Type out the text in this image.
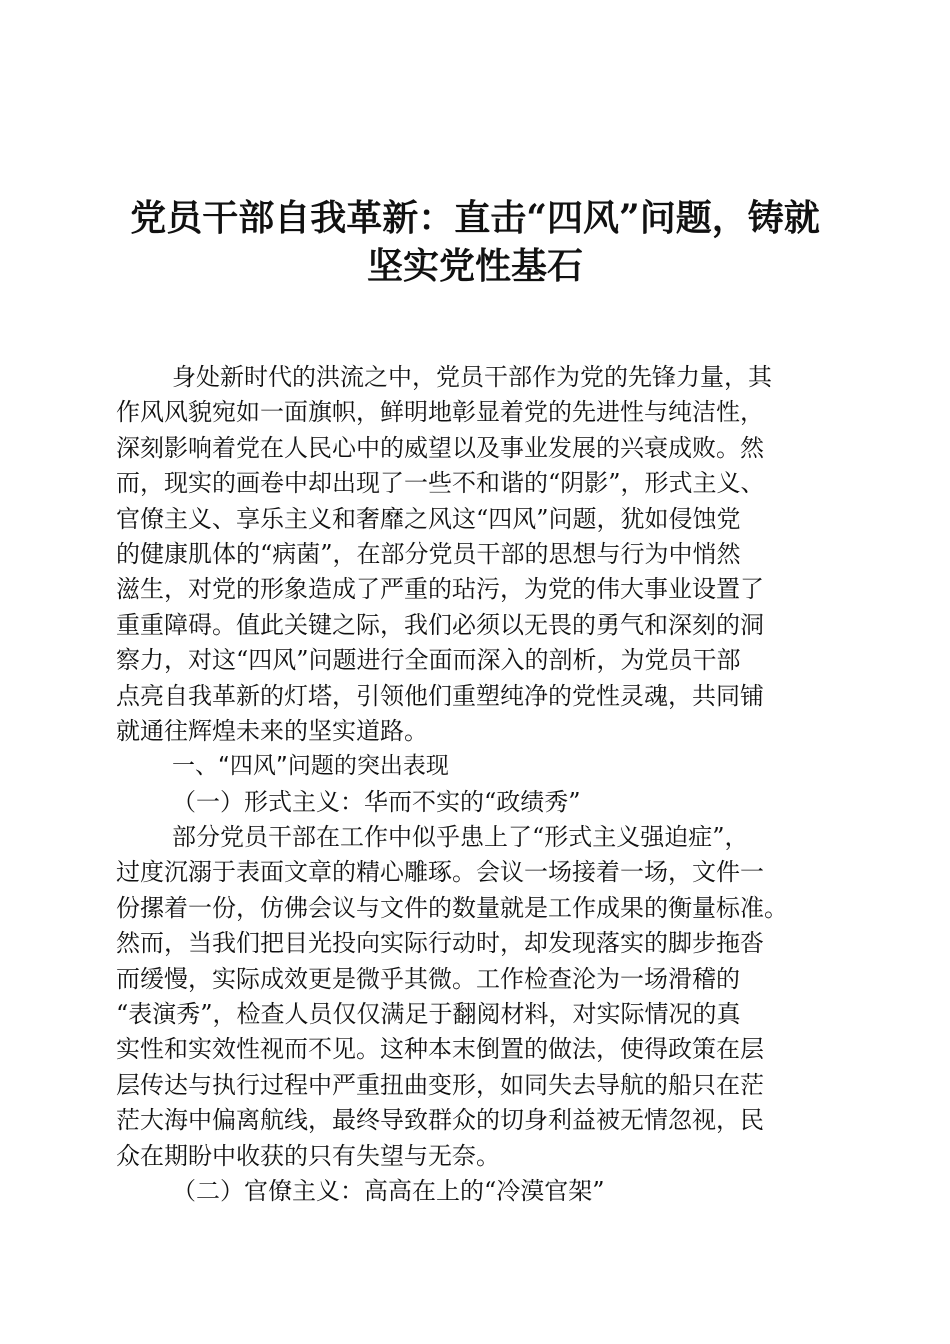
党员干部自我革新：直击“四风”问题，铸就
坚实党性基石
身处新时代的洪流之中，党员干部作为党的先锋力量，其
作风风貌宛如一面旗帜，鲜明地彰显着党的先进性与纯洁性，
深刻影响着党在人民心中的威望以及事业发展的兴衰成败。然
而，现实的画卷中却出现了一些不和谐的“阴影”，形式主义、
官僚主义、享乐主义和奢靡之风这“四风”问题，犹如侵蚀党
的健康肌体的“病菌”，在部分党员干部的思想与行为中悄然
滋生，对党的形象造成了严重的玷污，为党的伟大事业设置了
重重障碍。值此关键之际，我们必须以无畏的勇气和深刻的洞
察力，对这“四风”问题进行全面而深入的剖析，为党员干部
点亮自我革新的灯塔，引领他们重塑纯净的党性灵魂，共同铺
就通往辉煌未来的坚实道路。
一、“四风”问题的突出表现
（一）形式主义：华而不实的“政绩秀”
部分党员干部在工作中似乎患上了“形式主义强迫症”，
过度沉溺于表面文章的精心雕琢。会议一场接着一场，文件一
份摞着一份，仿佛会议与文件的数量就是工作成果的衡量标准。
然而，当我们把目光投向实际行动时，却发现落实的脚步拖沓
而缓慢，实际成效更是微乎其微。工作检查沦为一场滑稽的
“表演秀”，检查人员仅仅满足于翻阅材料，对实际情况的真
实性和实效性视而不见。这种本末倒置的做法，使得政策在层
层传达与执行过程中严重扭曲变形，如同失去导航的船只在茫
茫大海中偏离航线，最终导致群众的切身利益被无情忽视，民
众在期盼中收获的只有失望与无奈。
（二）官僚主义：高高在上的“冷漠官架”
